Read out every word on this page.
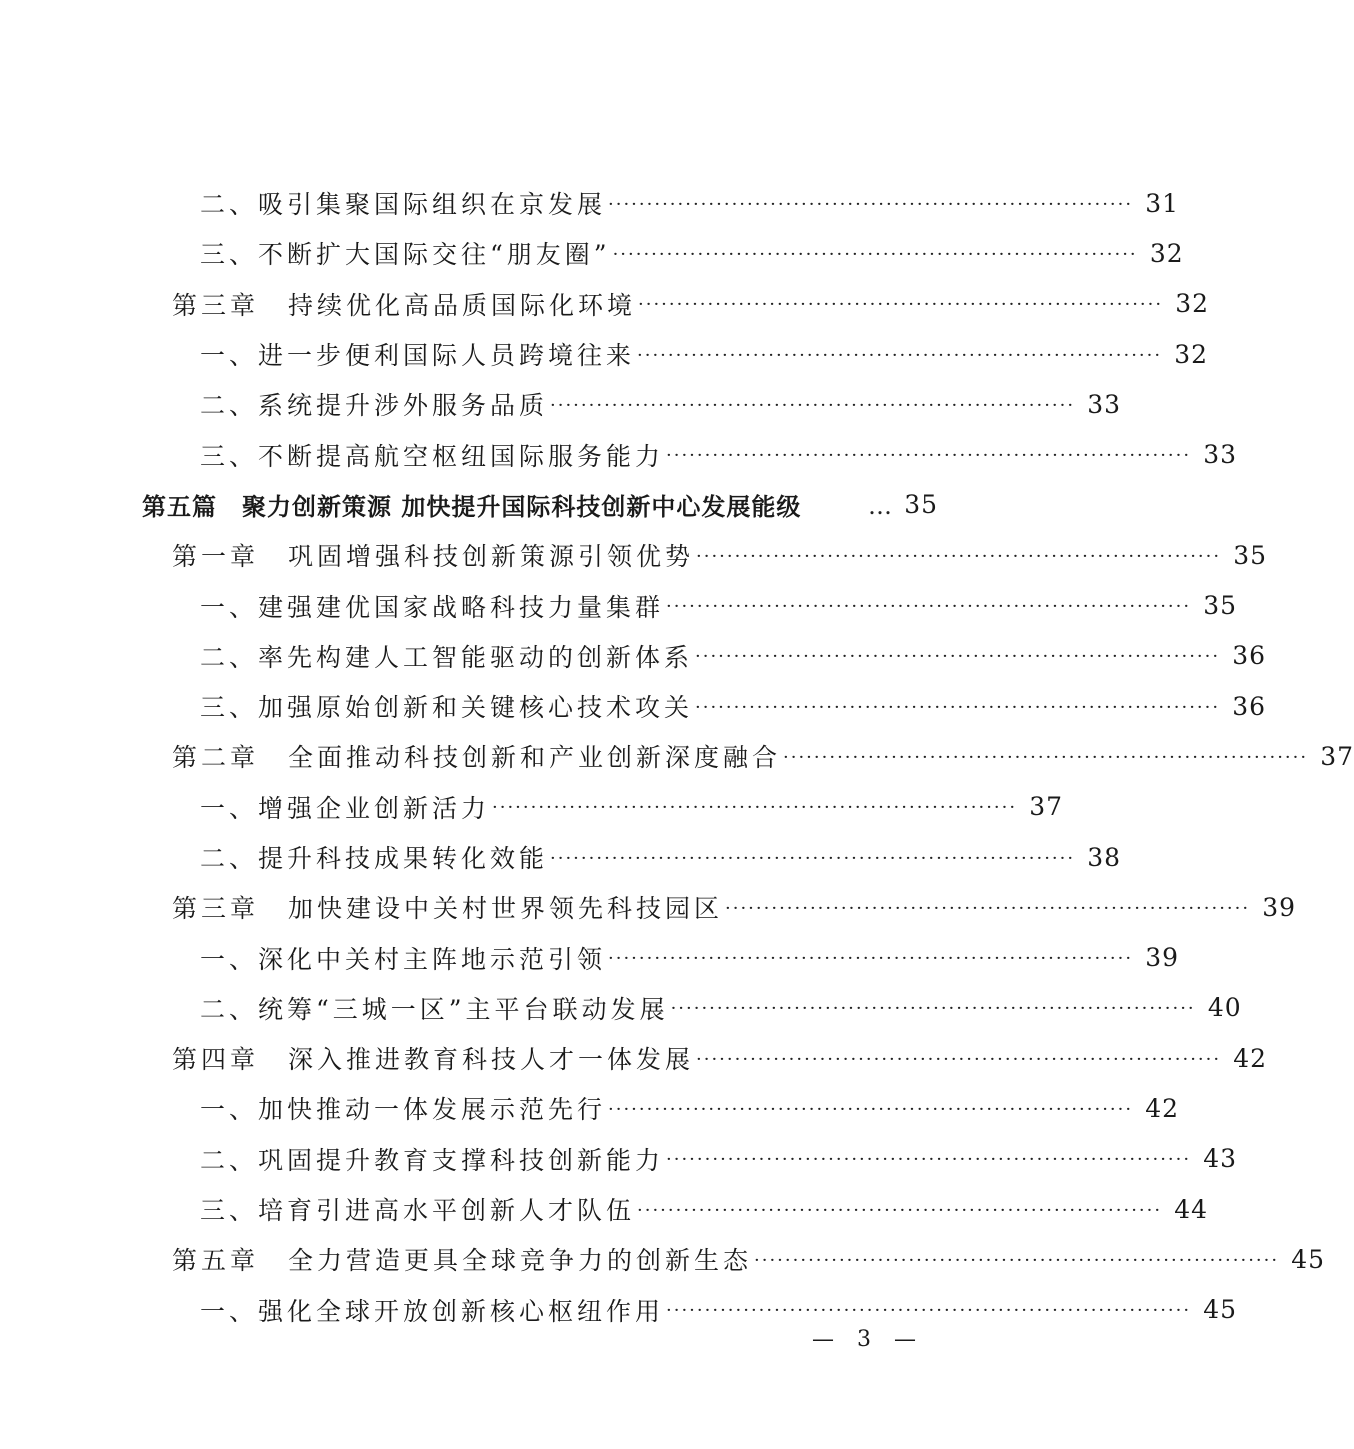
二、吸引集聚国际组织在京发展 ···································································· 31
三、不断扩大国际交往“朋友圈” ···································································· 32
第三章　持续优化高品质国际化环境 ···································································· 32
一、进一步便利国际人员跨境往来 ···································································· 32
二、系统提升涉外服务品质 ···································································· 33
三、不断提高航空枢纽国际服务能力 ···································································· 33
第五篇　聚力创新策源 加快提升国际科技创新中心发展能级	… 35
第一章　巩固增强科技创新策源引领优势 ···································································· 35
一、建强建优国家战略科技力量集群 ···································································· 35
二、率先构建人工智能驱动的创新体系 ···································································· 36
三、加强原始创新和关键核心技术攻关 ···································································· 36
第二章　全面推动科技创新和产业创新深度融合 ···································································· 37
一、增强企业创新活力 ···································································· 37
二、提升科技成果转化效能 ···································································· 38
第三章　加快建设中关村世界领先科技园区 ···································································· 39
一、深化中关村主阵地示范引领 ···································································· 39
二、统筹“三城一区”主平台联动发展 ···································································· 40
第四章　深入推进教育科技人才一体发展 ···································································· 42
一、加快推动一体发展示范先行 ···································································· 42
二、巩固提升教育支撑科技创新能力 ···································································· 43
三、培育引进高水平创新人才队伍 ···································································· 44
第五章　全力营造更具全球竞争力的创新生态 ···································································· 45
一、强化全球开放创新核心枢纽作用 ···································································· 45
— 3 —
